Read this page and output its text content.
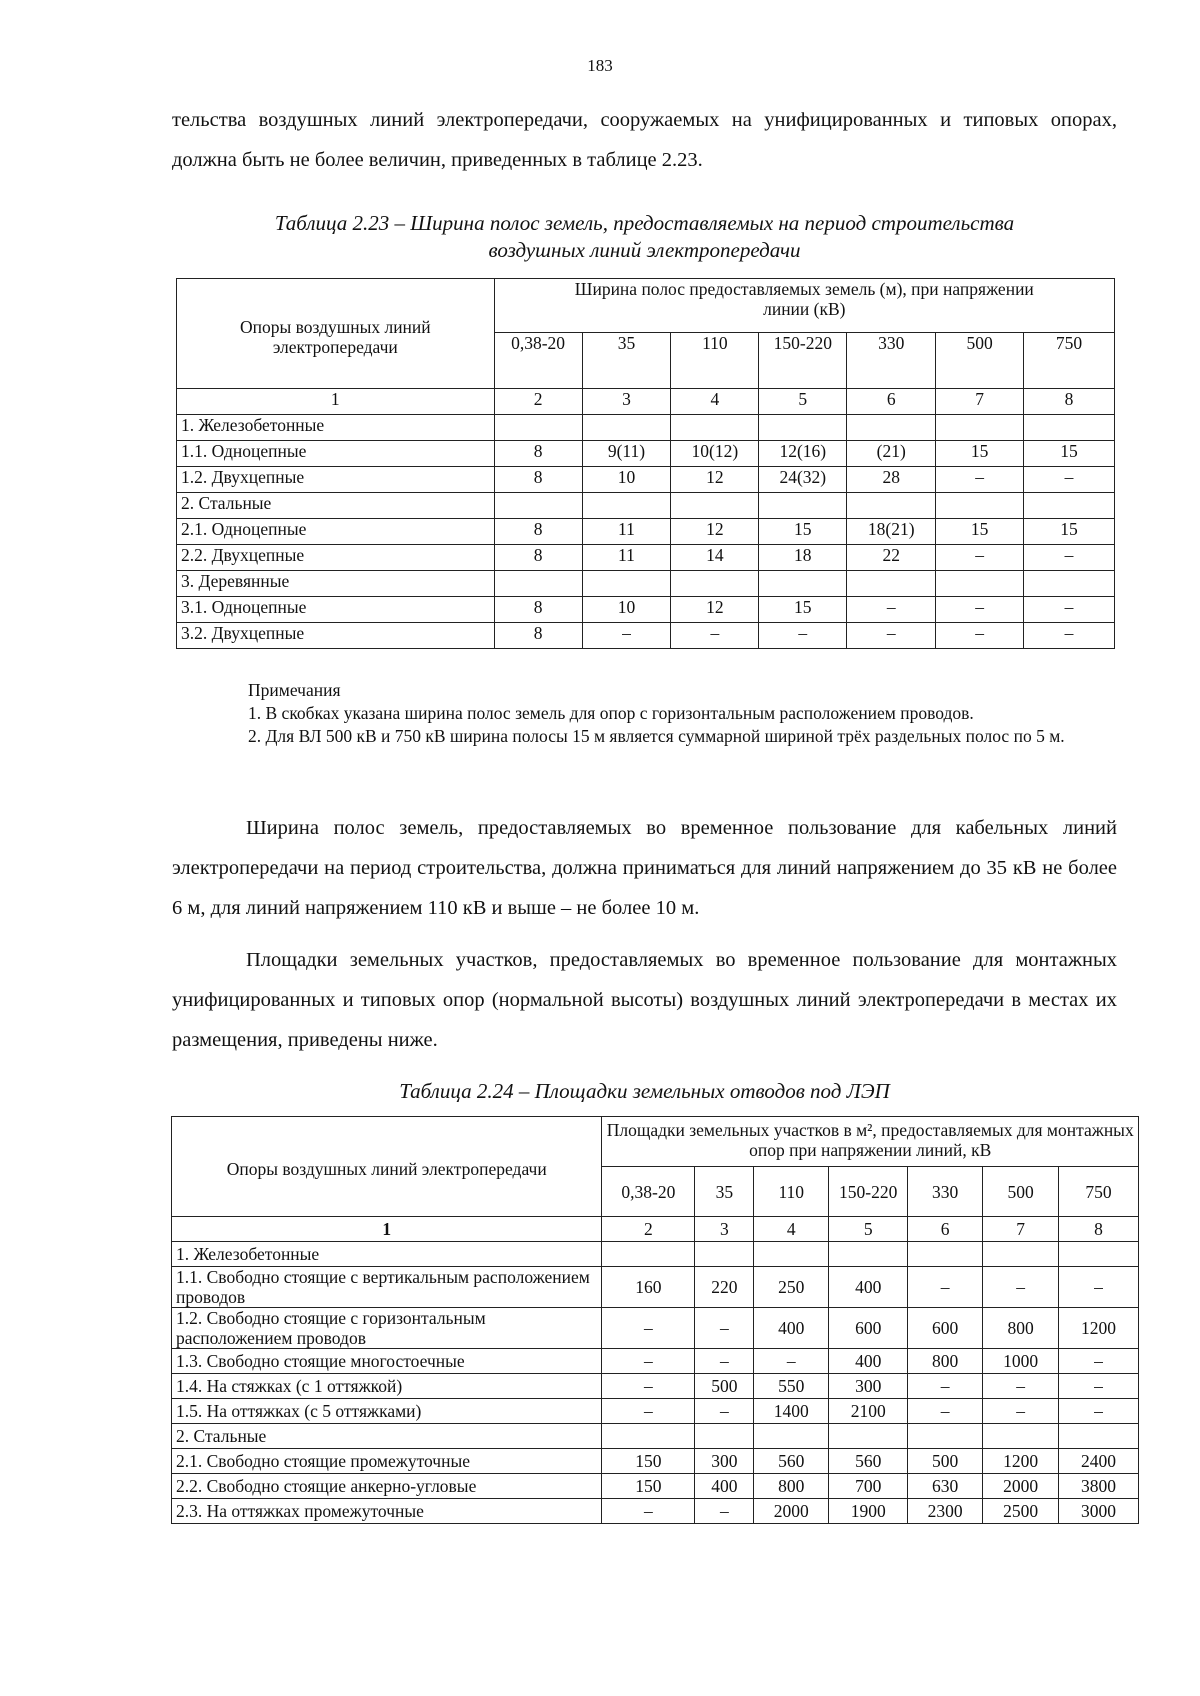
183

тельства воздушных линий электропередачи, сооружаемых на унифицированных и типовых опорах, должна быть не более величин, приведенных в таблице 2.23.

Таблица 2.23 – Ширина полос земель, предоставляемых на период строительства
воздушных линий электропередачи
Опоры воздушных линий электропередачи	Ширина полос предоставляемых земель (м), при напряжении линии (кВ)						
	0,38-20	35	110	150-220	330	500	750
1	2	3	4	5	6	7	8
1. Железобетонные							
1.1. Одноцепные	8	9(11)	10(12)	12(16)	(21)	15	15
1.2. Двухцепные	8	10	12	24(32)	28	–	–
2. Стальные							
2.1. Одноцепные	8	11	12	15	18(21)	15	15
2.2. Двухцепные	8	11	14	18	22	–	–
3. Деревянные							
3.1. Одноцепные	8	10	12	15	–	–	–
3.2. Двухцепные	8	–	–	–	–	–	–
Примечания
1. В скобках указана ширина полос земель для опор с горизонтальным расположением проводов.
2. Для ВЛ 500 кВ и 750 кВ ширина полосы 15 м является суммарной шириной трёх раздельных полос по 5 м.

Ширина полос земель, предоставляемых во временное пользование для кабельных линий электропередачи на период строительства, должна приниматься для линий напряжением до 35 кВ не более 6 м, для линий напряжением 110 кВ и выше – не более 10 м.

Площадки земельных участков, предоставляемых во временное пользование для монтажных унифицированных и типовых опор (нормальной высоты) воздушных линий электропередачи в местах их размещения, приведены ниже.

Таблица 2.24 – Площадки земельных отводов под ЛЭП
Опоры воздушных линий электропередачи	Площадки земельных участков в м², предоставляемых для монтажных опор при напряжении линий, кВ						
	0,38-20	35	110	150-220	330	500	750
1	2	3	4	5	6	7	8
1. Железобетонные							
1.1. Свободно стоящие с вертикальным расположением проводов	160	220	250	400	–	–	–
1.2. Свободно стоящие с горизонтальным расположением проводов	–	–	400	600	600	800	1200
1.3. Свободно стоящие многостоечные	–	–	–	400	800	1000	–
1.4. На стяжках (с 1 оттяжкой)	–	500	550	300	–	–	–
1.5. На оттяжках (с 5 оттяжками)	–	–	1400	2100	–	–	–
2. Стальные							
2.1. Свободно стоящие промежуточные	150	300	560	560	500	1200	2400
2.2. Свободно стоящие анкерно-угловые	150	400	800	700	630	2000	3800
2.3. На оттяжках промежуточные	–	–	2000	1900	2300	2500	3000
